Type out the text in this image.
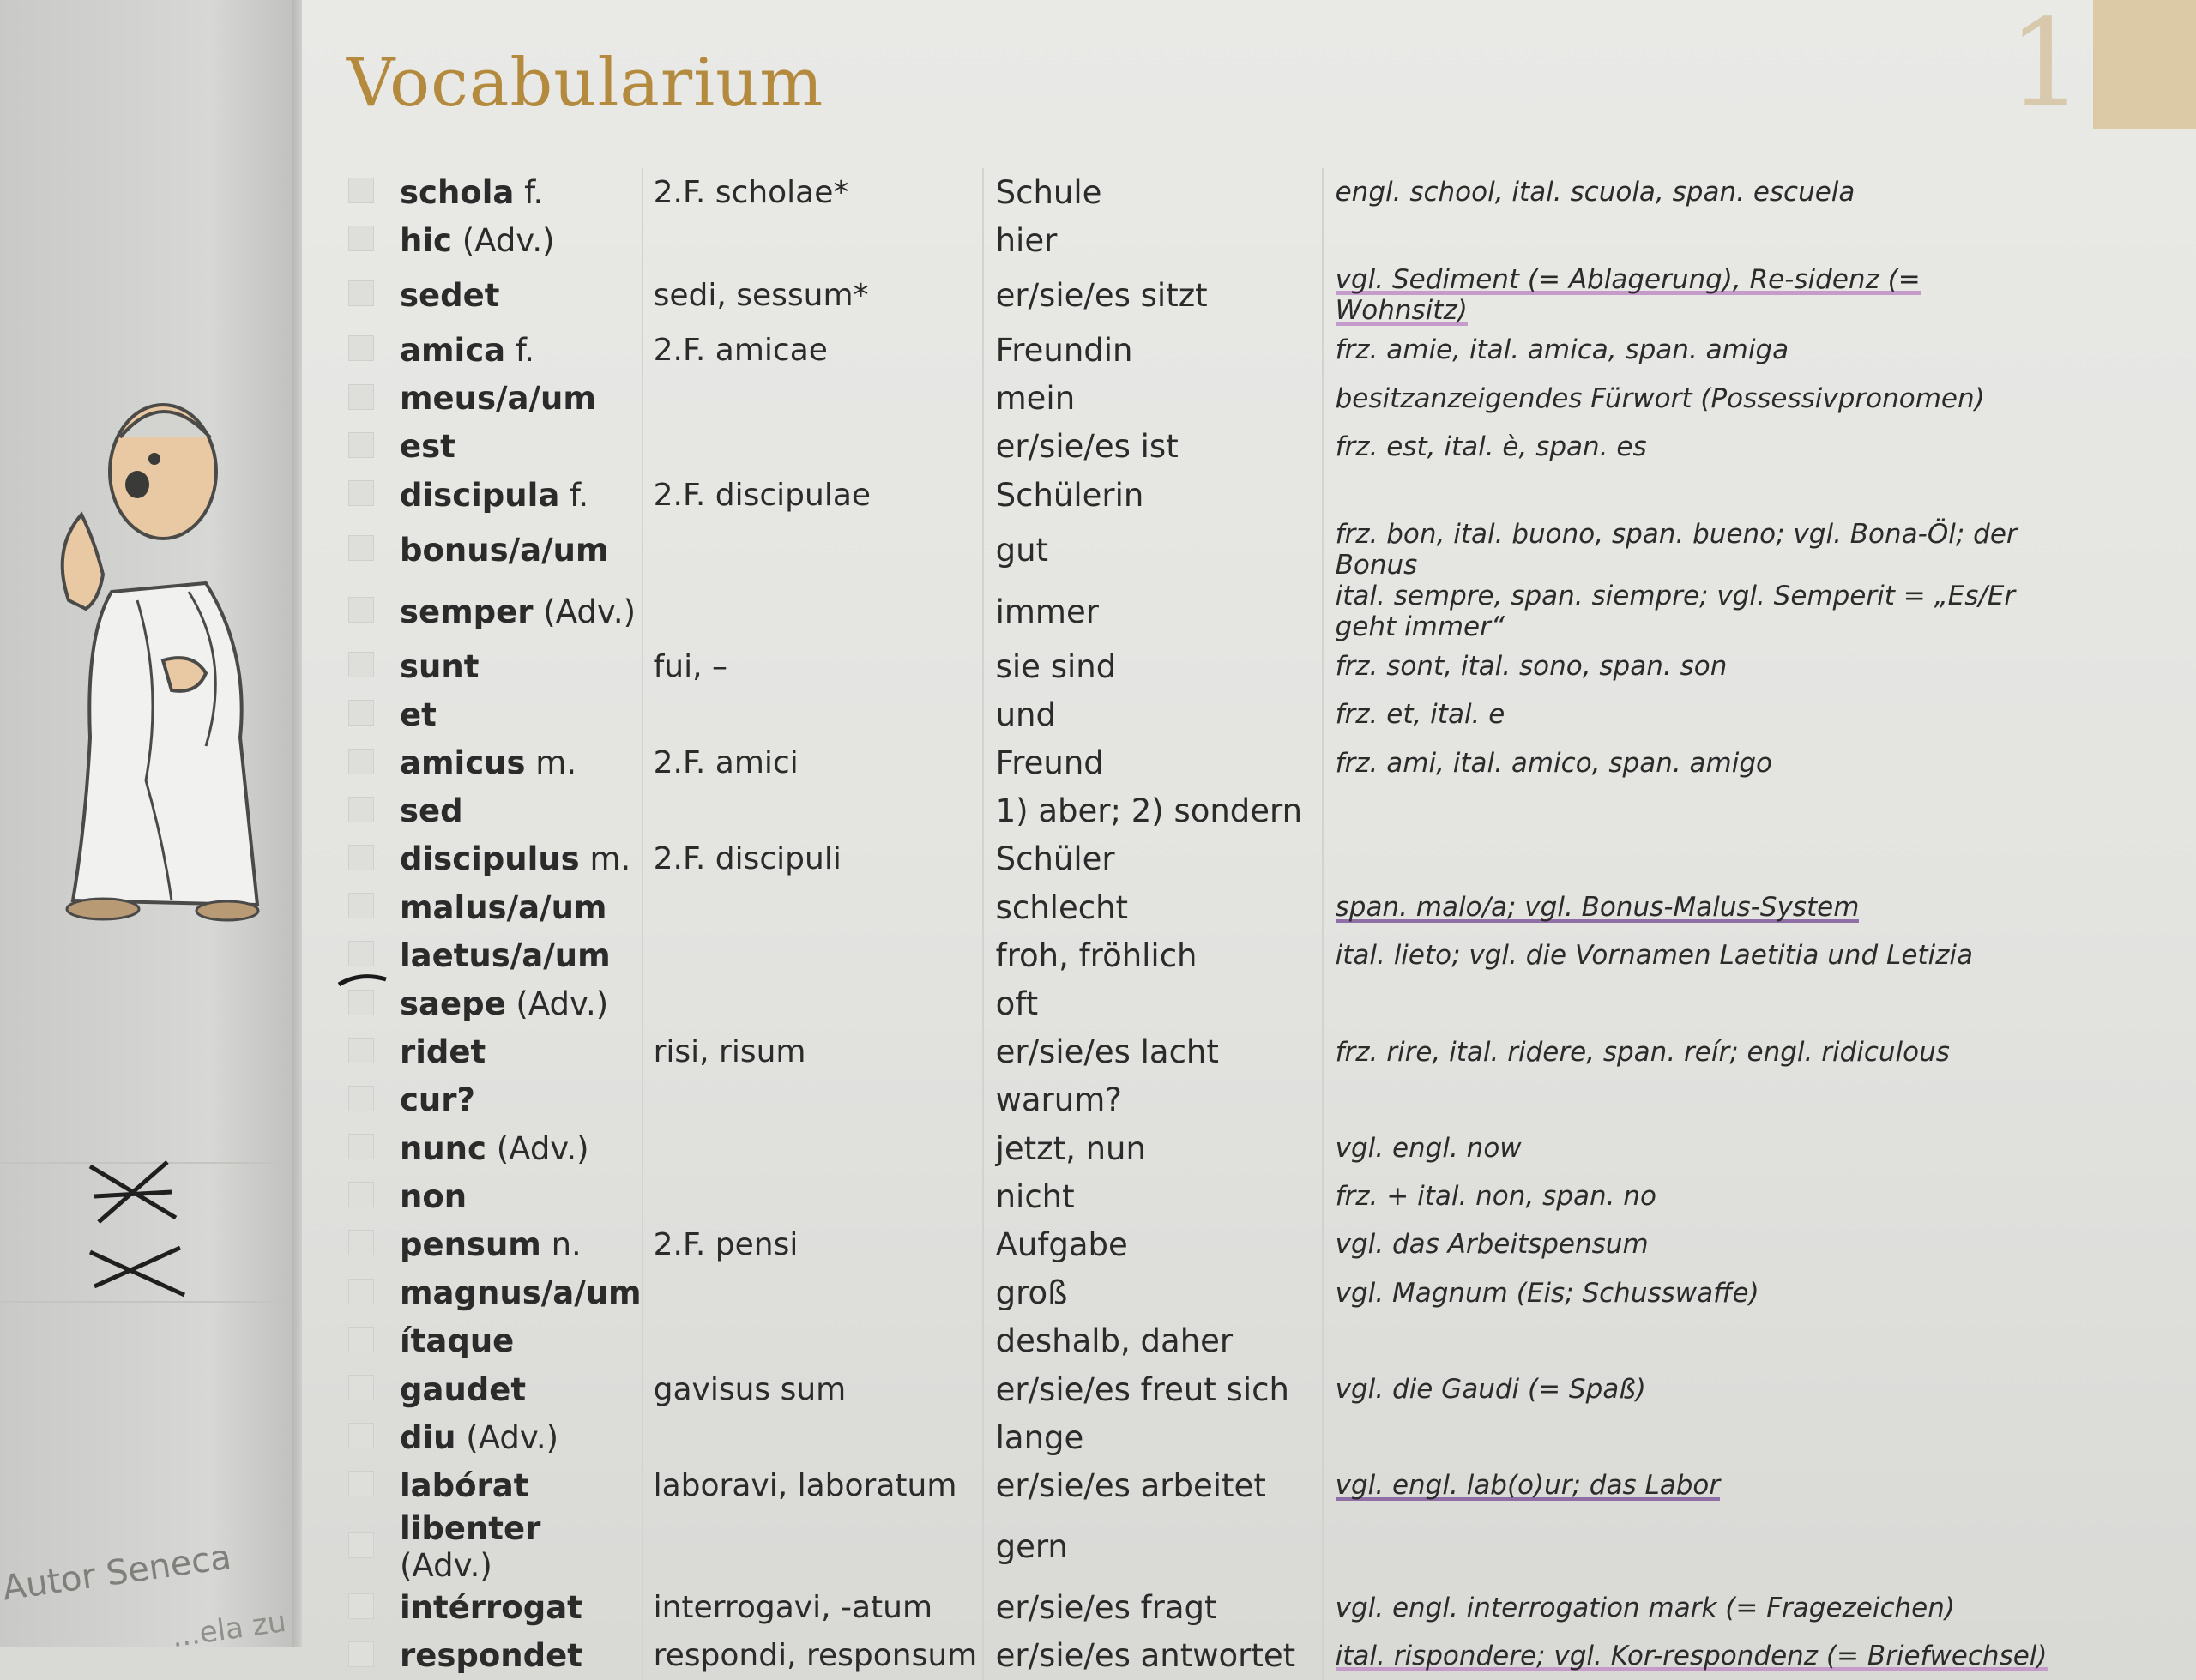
Autor Seneca
...ela zu
1
Vocabularium
	schola f.	2.F. scholae*	Schule	engl. school, ital. scuola, span. escuela
	hic (Adv.)		hier	
	sedet	sedi, sessum*	er/sie/es sitzt	vgl. Sediment (= Ablagerung), Re-sidenz (= Wohnsitz)
	amica f.	2.F. amicae	Freundin	frz. amie, ital. amica, span. amiga
	meus/a/um		mein	besitzanzeigendes Fürwort (Possessivpronomen)
	est		er/sie/es ist	frz. est, ital. è, span. es
	discipula f.	2.F. discipulae	Schülerin	
	bonus/a/um		gut	frz. bon, ital. buono, span. bueno; vgl. Bona-Öl; der Bonus
	semper (Adv.)		immer	ital. sempre, span. siempre; vgl. Semperit = „Es/Er geht immer“
	sunt	fui, –	sie sind	frz. sont, ital. sono, span. son
	et		und	frz. et, ital. e
	amicus m.	2.F. amici	Freund	frz. ami, ital. amico, span. amigo
	sed		1) aber; 2) sondern	
	discipulus m.	2.F. discipuli	Schüler	
	malus/a/um		schlecht	span. malo/a; vgl. Bonus-Malus-System
	laetus/a/um		froh, fröhlich	ital. lieto; vgl. die Vornamen Laetitia und Letizia
	saepe (Adv.)		oft	
	ridet	risi, risum	er/sie/es lacht	frz. rire, ital. ridere, span. reír; engl. ridiculous
	cur?		warum?	
	nunc (Adv.)		jetzt, nun	vgl. engl. now
	non		nicht	frz. + ital. non, span. no
	pensum n.	2.F. pensi	Aufgabe	vgl. das Arbeitspensum
	magnus/a/um		groß	vgl. Magnum (Eis; Schusswaffe)
	ítaque		deshalb, daher	
	gaudet	gavisus sum	er/sie/es freut sich	vgl. die Gaudi (= Spaß)
	diu (Adv.)		lange	
	labórat	laboravi, laboratum	er/sie/es arbeitet	vgl. engl. lab(o)ur; das Labor
	libenter (Adv.)		gern	
	intérrogat	interrogavi, -atum	er/sie/es fragt	vgl. engl. interrogation mark (= Fragezeichen)
	respondet	respondi, responsum	er/sie/es antwortet	ital. rispondere; vgl. Kor-respondenz (= Briefwechsel)
